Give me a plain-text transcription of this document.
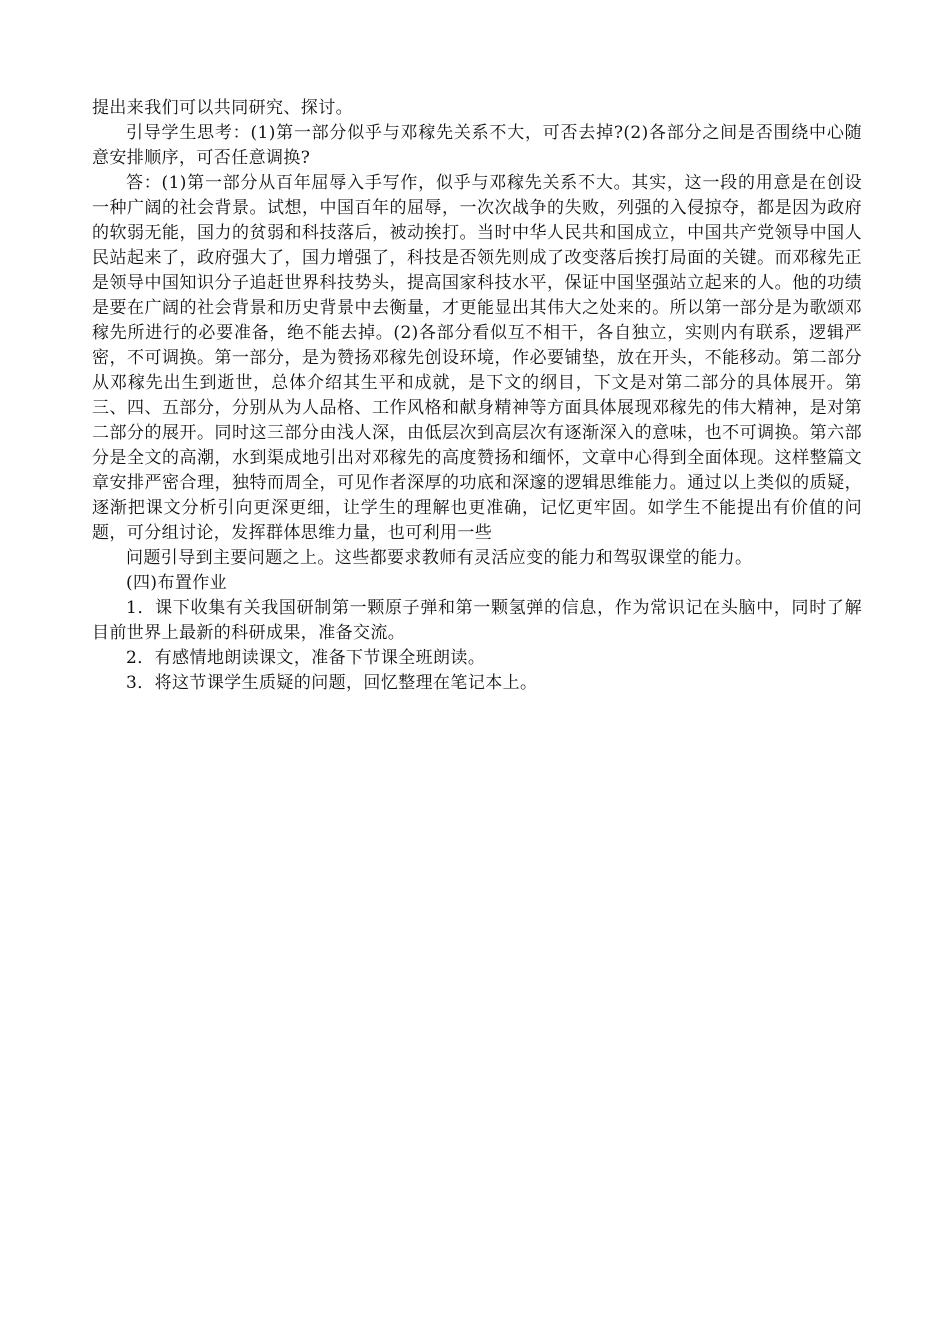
提出来我们可以共同研究、探讨。

引导学生思考：(1)第一部分似乎与邓稼先关系不大，可否去掉?(2)各部分之间是否围绕中心随意安排顺序，可否任意调换?

答：(1)第一部分从百年屈辱入手写作，似乎与邓稼先关系不大。其实，这一段的用意是在创设一种广阔的社会背景。试想，中国百年的屈辱，一次次战争的失败，列强的入侵掠夺，都是因为政府的软弱无能，国力的贫弱和科技落后，被动挨打。当时中华人民共和国成立，中国共产党领导中国人民站起来了，政府强大了，国力增强了，科技是否领先则成了改变落后挨打局面的关键。而邓稼先正是领导中国知识分子追赶世界科技势头，提高国家科技水平，保证中国坚强站立起来的人。他的功绩是要在广阔的社会背景和历史背景中去衡量，才更能显出其伟大之处来的。所以第一部分是为歌颂邓稼先所进行的必要准备，绝不能去掉。(2)各部分看似互不相干，各自独立，实则内有联系，逻辑严密，不可调换。第一部分，是为赞扬邓稼先创设环境，作必要铺垫，放在开头，不能移动。第二部分从邓稼先出生到逝世，总体介绍其生平和成就，是下文的纲目，下文是对第二部分的具体展开。第三、四、五部分，分别从为人品格、工作风格和献身精神等方面具体展现邓稼先的伟大精神，是对第二部分的展开。同时这三部分由浅人深，由低层次到高层次有逐渐深入的意味，也不可调换。第六部分是全文的高潮，水到渠成地引出对邓稼先的高度赞扬和缅怀，文章中心得到全面体现。这样整篇文章安排严密合理，独特而周全，可见作者深厚的功底和深邃的逻辑思维能力。通过以上类似的质疑，逐渐把课文分析引向更深更细，让学生的理解也更准确，记忆更牢固。如学生不能提出有价值的问题，可分组讨论，发挥群体思维力量，也可利用一些

问题引导到主要问题之上。这些都要求教师有灵活应变的能力和驾驭课堂的能力。

(四)布置作业

1．课下收集有关我国研制第一颗原子弹和第一颗氢弹的信息，作为常识记在头脑中，同时了解目前世界上最新的科研成果，准备交流。

2．有感情地朗读课文，准备下节课全班朗读。

3．将这节课学生质疑的问题，回忆整理在笔记本上。
